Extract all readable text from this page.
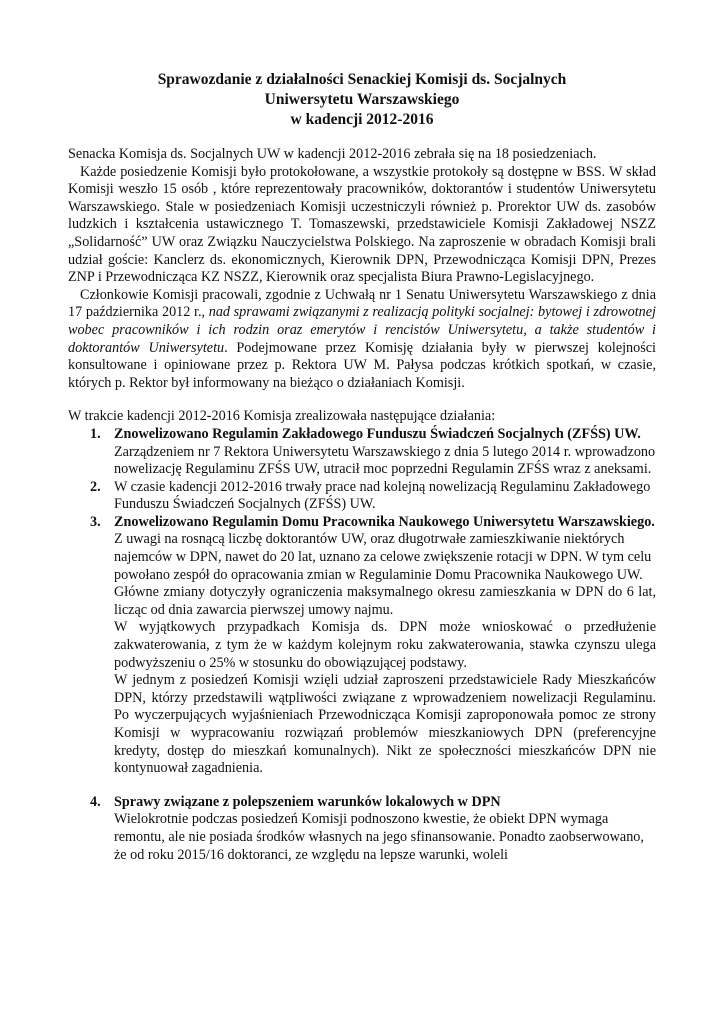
Sprawozdanie z działalności Senackiej Komisji ds. Socjalnych
Uniwersytetu Warszawskiego
w kadencji 2012-2016

Senacka Komisja ds. Socjalnych UW w kadencji 2012-2016 zebrała się na 18 posiedzeniach.

Każde posiedzenie Komisji było protokołowane, a wszystkie protokoły są dostępne w BSS. W skład Komisji weszło 15 osób , które reprezentowały pracowników, doktorantów i studentów Uniwersytetu Warszawskiego. Stale w posiedzeniach Komisji uczestniczyli również p. Prorektor UW ds. zasobów ludzkich i kształcenia ustawicznego T. Tomaszewski, przedstawiciele Komisji Zakładowej NSZZ „Solidarność” UW oraz Związku Nauczycielstwa Polskiego. Na zaproszenie w obradach Komisji brali udział goście: Kanclerz ds. ekonomicznych, Kierownik DPN, Przewodnicząca Komisji DPN, Prezes ZNP i Przewodnicząca KZ NSZZ, Kierownik oraz specjalista Biura Prawno-Legislacyjnego.

Członkowie Komisji pracowali, zgodnie z Uchwałą nr 1 Senatu Uniwersytetu Warszawskiego z dnia 17 października 2012 r., nad sprawami związanymi z realizacją polityki socjalnej: bytowej i zdrowotnej wobec pracowników i ich rodzin oraz emerytów i rencistów Uniwersytetu, a także studentów i doktorantów Uniwersytetu. Podejmowane przez Komisję działania były w pierwszej kolejności konsultowane i opiniowane przez p. Rektora UW M. Pałysa podczas krótkich spotkań, w czasie, których p. Rektor był informowany na bieżąco o działaniach Komisji.

W trakcie kadencji 2012-2016 Komisja zrealizowała następujące działania:

1. Znowelizowano Regulamin Zakładowego Funduszu Świadczeń Socjalnych (ZFŚS) UW.
Zarządzeniem nr 7 Rektora Uniwersytetu Warszawskiego z dnia 5 lutego 2014 r. wprowadzono nowelizację Regulaminu ZFŚS UW, utracił moc poprzedni Regulamin ZFŚS wraz z aneksami.
2. W czasie kadencji 2012-2016 trwały prace nad kolejną nowelizacją Regulaminu Zakładowego Funduszu Świadczeń Socjalnych (ZFŚS) UW.
3. Znowelizowano Regulamin Domu Pracownika Naukowego Uniwersytetu Warszawskiego.
Z uwagi na rosnącą liczbę doktorantów UW, oraz długotrwałe zamieszkiwanie niektórych najemców w DPN, nawet do 20 lat, uznano za celowe zwiększenie rotacji w DPN. W tym celu powołano zespół do opracowania zmian w Regulaminie Domu Pracownika Naukowego UW.
Główne zmiany dotyczyły ograniczenia maksymalnego okresu zamieszkania w DPN do 6 lat, licząc od dnia zawarcia pierwszej umowy najmu.
W wyjątkowych przypadkach Komisja ds. DPN może wnioskować o przedłużenie zakwaterowania, z tym że w każdym kolejnym roku zakwaterowania, stawka czynszu ulega podwyższeniu o 25% w stosunku do obowiązującej podstawy.
W jednym z posiedzeń Komisji wzięli udział zaproszeni przedstawiciele Rady Mieszkańców DPN, którzy przedstawili wątpliwości związane z wprowadzeniem nowelizacji Regulaminu. Po wyczerpujących wyjaśnieniach Przewodnicząca Komisji zaproponowała pomoc ze strony Komisji w wypracowaniu rozwiązań problemów mieszkaniowych DPN (preferencyjne kredyty, dostęp do mieszkań komunalnych). Nikt ze społeczności mieszkańców DPN nie kontynuował zagadnienia.
4. Sprawy związane z polepszeniem warunków lokalowych w DPN
Wielokrotnie podczas posiedzeń Komisji podnoszono kwestie, że obiekt DPN wymaga remontu, ale nie posiada środków własnych na jego sfinansowanie. Ponadto zaobserwowano, że od roku 2015/16 doktoranci, ze względu na lepsze warunki, woleli
